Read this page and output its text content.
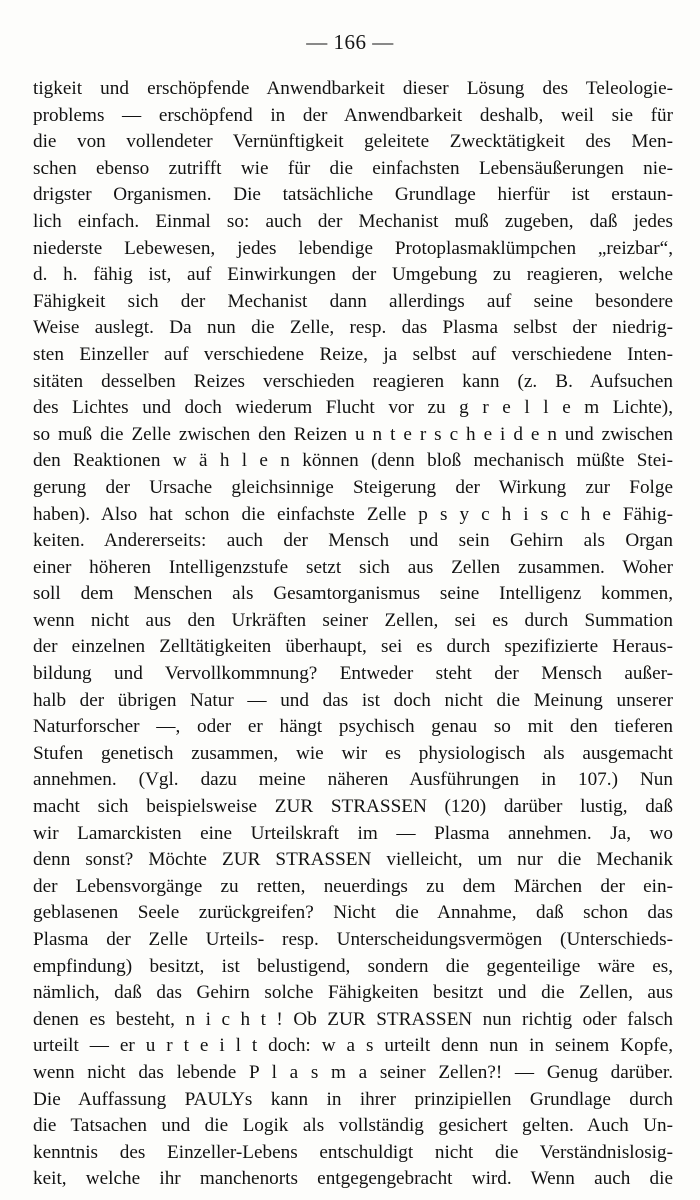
— 166 —
tigkeit und erschöpfende Anwendbarkeit dieser Lösung des Teleologie-
problems — erschöpfend in der Anwendbarkeit deshalb, weil sie für
die von vollendeter Vernünftigkeit geleitete Zwecktätigkeit des Men-
schen ebenso zutrifft wie für die einfachsten Lebensäußerungen nie-
drigster Organismen. Die tatsächliche Grundlage hierfür ist erstaun-
lich einfach. Einmal so: auch der Mechanist muß zugeben, daß jedes
niederste Lebewesen, jedes lebendige Protoplasmaklümpchen „reizbar“,
d. h. fähig ist, auf Einwirkungen der Umgebung zu reagieren, welche
Fähigkeit sich der Mechanist dann allerdings auf seine besondere
Weise auslegt. Da nun die Zelle, resp. das Plasma selbst der niedrig-
sten Einzeller auf verschiedene Reize, ja selbst auf verschiedene Inten-
sitäten desselben Reizes verschieden reagieren kann (z. B. Aufsuchen
des Lichtes und doch wiederum Flucht vor zu g r e l l e m Lichte),
so muß die Zelle zwischen den Reizen u n t e r s c h e i d e n und zwischen
den Reaktionen w ä h l e n können (denn bloß mechanisch müßte Stei-
gerung der Ursache gleichsinnige Steigerung der Wirkung zur Folge
haben). Also hat schon die einfachste Zelle p s y c h i s c h e Fähig-
keiten. Andererseits: auch der Mensch und sein Gehirn als Organ
einer höheren Intelligenzstufe setzt sich aus Zellen zusammen. Woher
soll dem Menschen als Gesamtorganismus seine Intelligenz kommen,
wenn nicht aus den Urkräften seiner Zellen, sei es durch Summation
der einzelnen Zelltätigkeiten überhaupt, sei es durch spezifizierte Heraus-
bildung und Vervollkommnung? Entweder steht der Mensch außer-
halb der übrigen Natur — und das ist doch nicht die Meinung unserer
Naturforscher —, oder er hängt psychisch genau so mit den tieferen
Stufen genetisch zusammen, wie wir es physiologisch als ausgemacht
annehmen. (Vgl. dazu meine näheren Ausführungen in 107.) Nun
macht sich beispielsweise ZUR STRASSEN (120) darüber lustig, daß
wir Lamarckisten eine Urteilskraft im — Plasma annehmen. Ja, wo
denn sonst? Möchte ZUR STRASSEN vielleicht, um nur die Mechanik
der Lebensvorgänge zu retten, neuerdings zu dem Märchen der ein-
geblasenen Seele zurückgreifen? Nicht die Annahme, daß schon das
Plasma der Zelle Urteils- resp. Unterscheidungsvermögen (Unterschieds-
empfindung) besitzt, ist belustigend, sondern die gegenteilige wäre es,
nämlich, daß das Gehirn solche Fähigkeiten besitzt und die Zellen, aus
denen es besteht, n i c h t ! Ob ZUR STRASSEN nun richtig oder falsch
urteilt — er u r t e i l t doch: w a s urteilt denn nun in seinem Kopfe,
wenn nicht das lebende P l a s m a seiner Zellen?! — Genug darüber.
Die Auffassung PAULYs kann in ihrer prinzipiellen Grundlage durch
die Tatsachen und die Logik als vollständig gesichert gelten. Auch Un-
kenntnis des Einzeller-Lebens entschuldigt nicht die Verständnislosig-
keit, welche ihr manchenorts entgegengebracht wird. Wenn auch die
